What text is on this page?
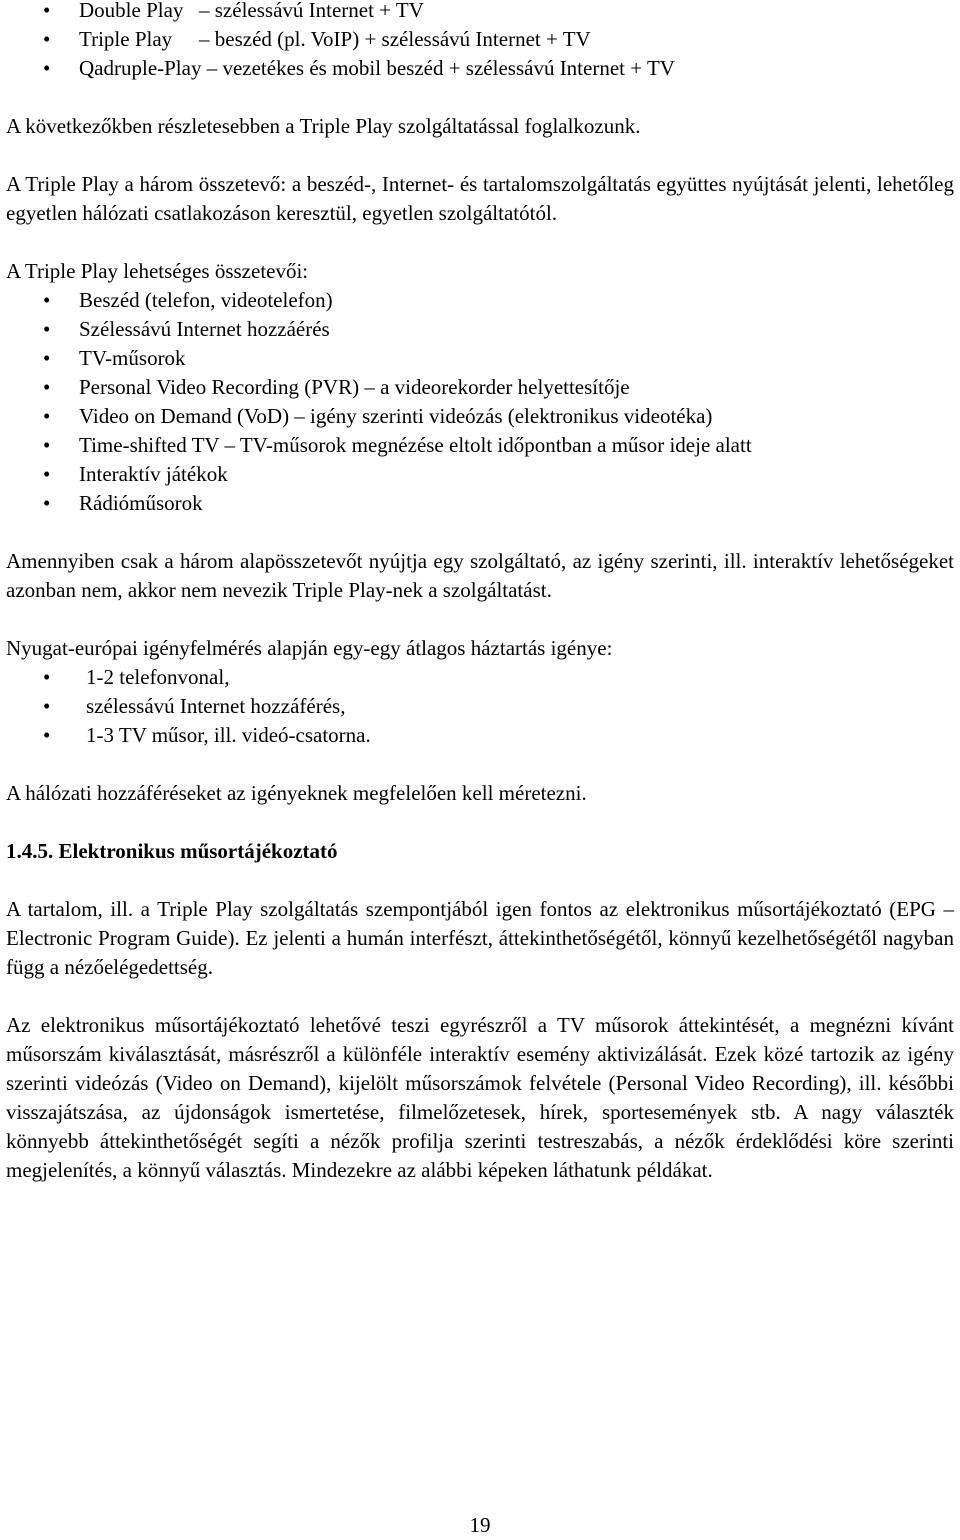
• Double Play – szélessávú Internet + TV
• Triple Play – beszéd (pl. VoIP) + szélessávú Internet + TV
• Qadruple-Play – vezetékes és mobil beszéd + szélessávú Internet + TV

A következőkben részletesebben a Triple Play szolgáltatással foglalkozunk.

A Triple Play a három összetevő: a beszéd-, Internet- és tartalomszolgáltatás együttes nyújtását jelenti, lehetőleg egyetlen hálózati csatlakozáson keresztül, egyetlen szolgáltatótól.

A Triple Play lehetséges összetevői:

• Beszéd (telefon, videotelefon)
• Szélessávú Internet hozzáérés
• TV-műsorok
• Personal Video Recording (PVR) – a videorekorder helyettesítője
• Video on Demand (VoD) – igény szerinti videózás (elektronikus videotéka)
• Time-shifted TV – TV-műsorok megnézése eltolt időpontban a műsor ideje alatt
• Interaktív játékok
• Rádióműsorok

Amennyiben csak a három alapösszetevőt nyújtja egy szolgáltató, az igény szerinti, ill. interaktív lehetőségeket azonban nem, akkor nem nevezik Triple Play-nek a szolgáltatást.

Nyugat-európai igényfelmérés alapján egy-egy átlagos háztartás igénye:

• 1-2 telefonvonal,
• szélessávú Internet hozzáférés,
• 1-3 TV műsor, ill. videó-csatorna.

A hálózati hozzáféréseket az igényeknek megfelelően kell méretezni.

1.4.5. Elektronikus műsortájékoztató

A tartalom, ill. a Triple Play szolgáltatás szempontjából igen fontos az elektronikus műsortájékoztató (EPG – Electronic Program Guide). Ez jelenti a humán interfészt, áttekinthetőségétől, könnyű kezelhetőségétől nagyban függ a nézőelégedettség.

Az elektronikus műsortájékoztató lehetővé teszi egyrészről a TV műsorok áttekintését, a megnézni kívánt műsorszám kiválasztását, másrészről a különféle interaktív esemény aktivizálását. Ezek közé tartozik az igény szerinti videózás (Video on Demand), kijelölt műsorszámok felvétele (Personal Video Recording), ill. későbbi visszajátszása, az újdonságok ismertetése, filmelőzetesek, hírek, sportesemények stb. A nagy választék könnyebb áttekinthetőségét segíti a nézők profilja szerinti testreszabás, a nézők érdeklődési köre szerinti megjelenítés, a könnyű választás. Mindezekre az alábbi képeken láthatunk példákat.

19
